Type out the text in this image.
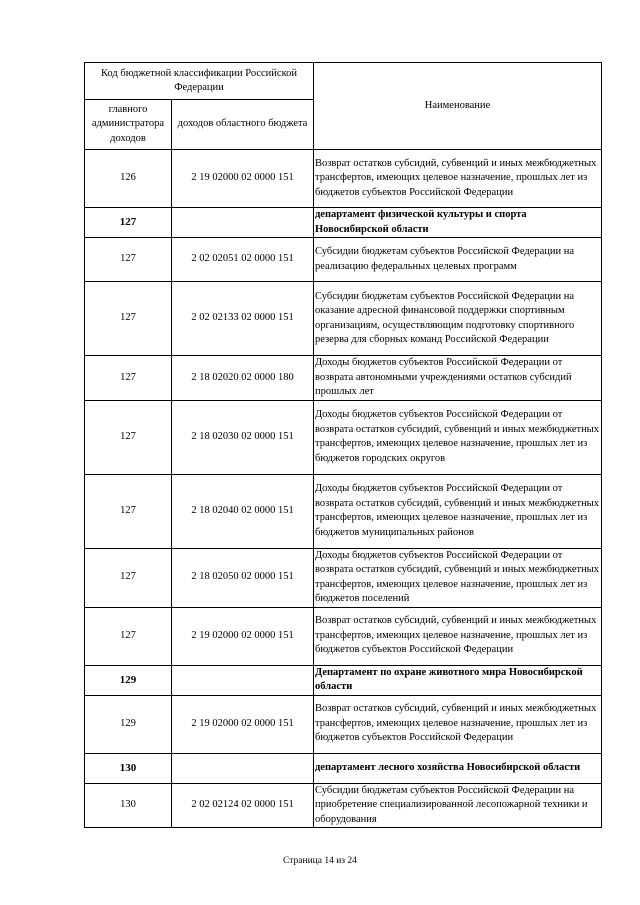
Код бюджетной классификации Российской Федерации		Наименование
главного администратора доходов	доходов областного бюджета	
126	2 19 02000 02 0000 151	Возврат остатков субсидий, субвенций и иных межбюджетных трансфертов, имеющих целевое назначение, прошлых лет из бюджетов субъектов Российской Федерации
127		департамент физической культуры и спорта Новосибирской области
127	2 02 02051 02 0000 151	Субсидии бюджетам субъектов Российской Федерации на реализацию федеральных целевых программ
127	2 02 02133 02 0000 151	Субсидии бюджетам субъектов Российской Федерации на оказание адресной финансовой поддержки спортивным организациям, осуществляющим подготовку спортивного резерва для сборных команд Российской Федерации
127	2 18 02020 02 0000 180	Доходы бюджетов субъектов Российской Федерации от возврата автономными учреждениями остатков субсидий прошлых лет
127	2 18 02030 02 0000 151	Доходы бюджетов субъектов Российской Федерации от возврата остатков субсидий, субвенций и иных межбюджетных трансфертов, имеющих целевое назначение, прошлых лет из бюджетов городских округов
127	2 18 02040 02 0000 151	Доходы бюджетов субъектов Российской Федерации от возврата остатков субсидий, субвенций и иных межбюджетных трансфертов, имеющих целевое назначение, прошлых лет из бюджетов муниципальных районов
127	2 18 02050 02 0000 151	Доходы бюджетов субъектов Российской Федерации от возврата остатков субсидий, субвенций и иных межбюджетных трансфертов, имеющих целевое назначение, прошлых лет из бюджетов поселений
127	2 19 02000 02 0000 151	Возврат остатков субсидий, субвенций и иных межбюджетных трансфертов, имеющих целевое назначение, прошлых лет из бюджетов субъектов Российской Федерации
129		Департамент по охране животного мира Новосибирской области
129	2 19 02000 02 0000 151	Возврат остатков субсидий, субвенций и иных межбюджетных трансфертов, имеющих целевое назначение, прошлых лет из бюджетов субъектов Российской Федерации
130		департамент лесного хозяйства Новосибирской области
130	2 02 02124 02 0000 151	Субсидии бюджетам субъектов Российской Федерации на приобретение специализированной лесопожарной техники и оборудования
Страница 14 из 24
